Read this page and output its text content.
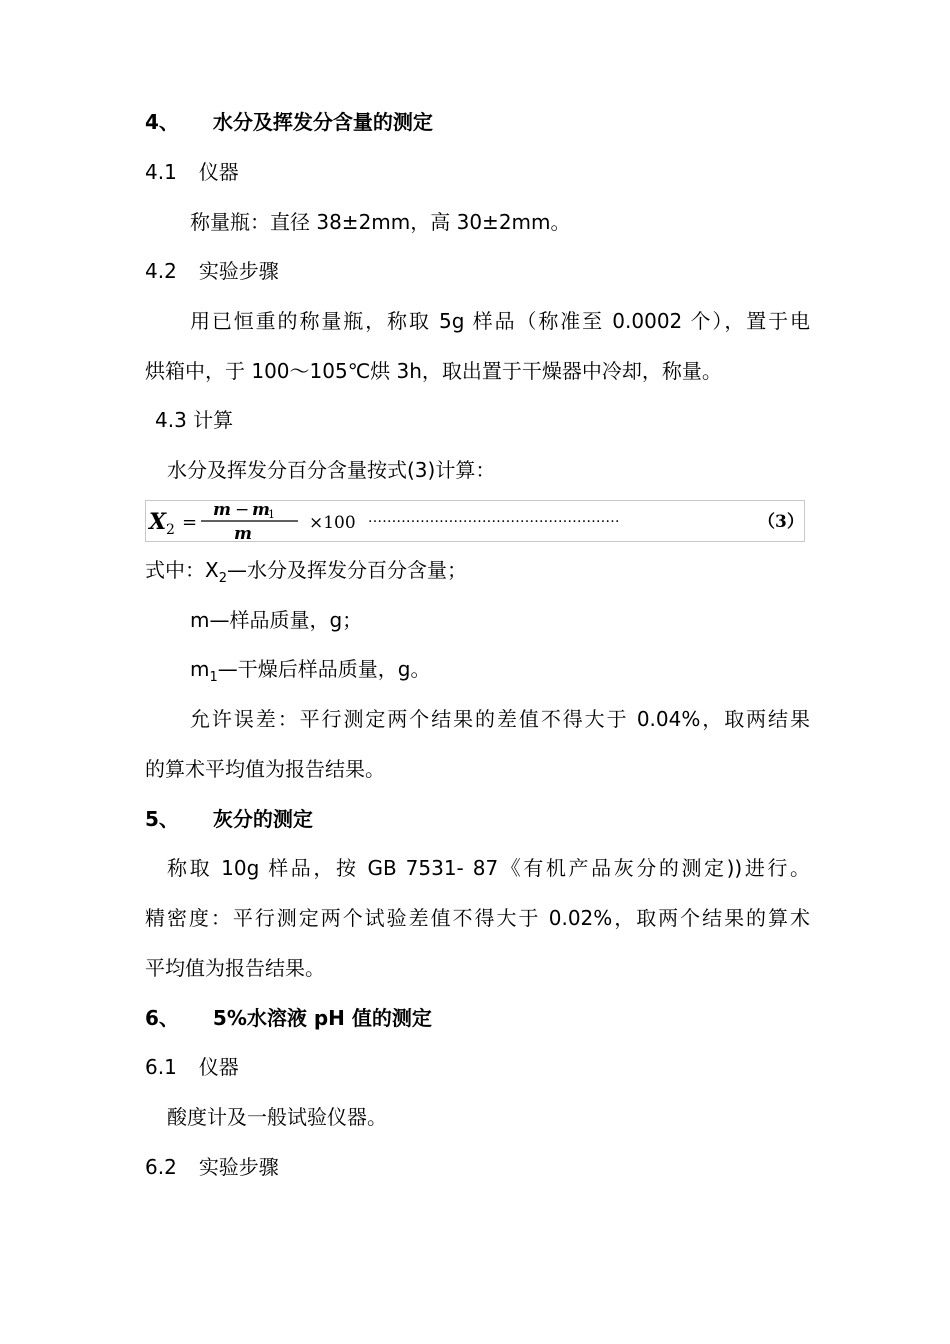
4、 水分及挥发分含量的测定
4.1 仪器
称量瓶：直径 38±2mm，高 30±2mm。
4.2 实验步骤
用已恒重的称量瓶，称取 5g 样品（称准至 0.0002 个），置于电
烘箱中，于 100～105℃烘 3h，取出置于干燥器中冷却，称量。
4.3 计算
水分及挥发分百分含量按式(3)计算：
X 2 =
m − m
1
m
×100 ·····················································	（3）
式中：$X_2—$水分及挥发分百分含量；
m—样品质量，g；
$m_1—$干燥后样品质量，g。
允许误差：平行测定两个结果的差值不得大于 0.04%，取两结果
的算术平均值为报告结果。
5、 灰分的测定
称取 10g 样品，按 GB 7531- 87《有机产品灰分的测定))进行。
精密度：平行测定两个试验差值不得大于 0.02%，取两个结果的算术
平均值为报告结果。
6、 5%水溶液 pH 值的测定
6.1 仪器
酸度计及一般试验仪器。
6.2 实验步骤
